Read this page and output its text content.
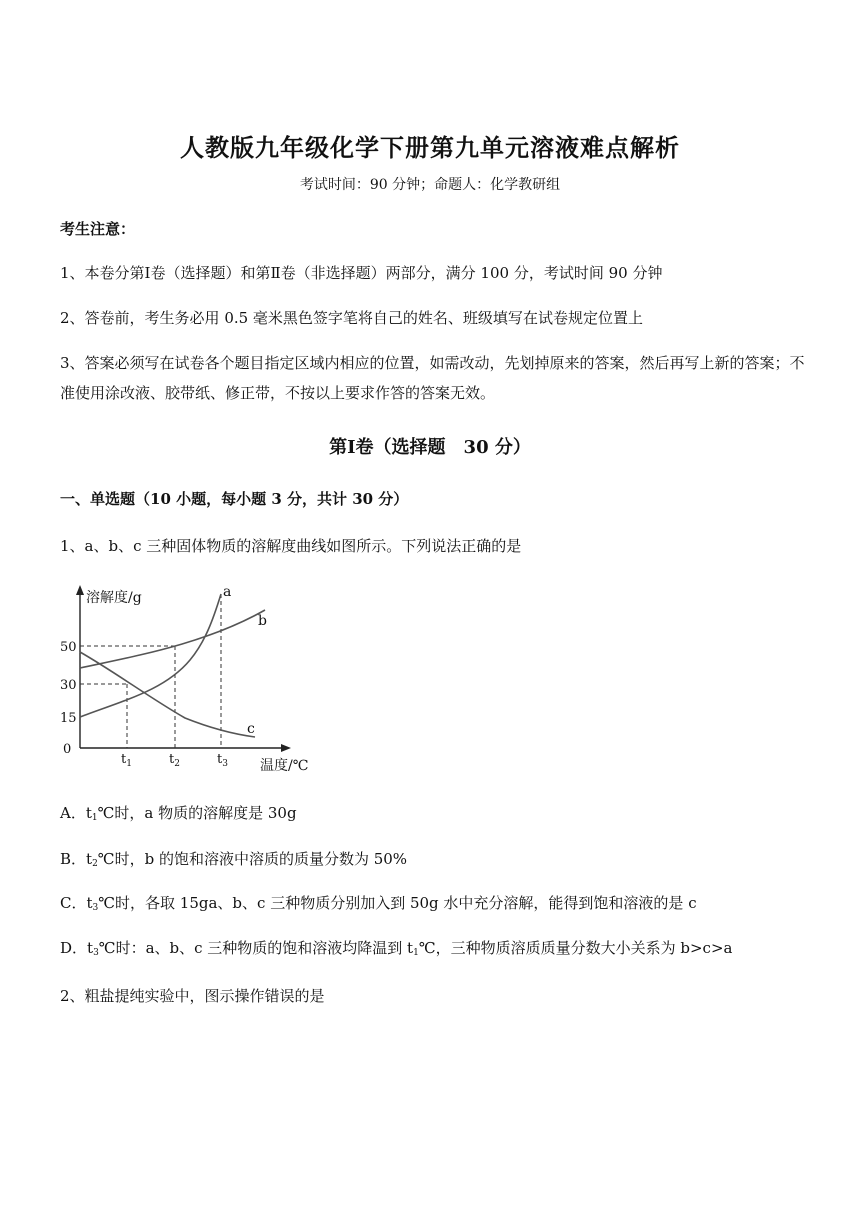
人教版九年级化学下册第九单元溶液难点解析
考试时间：90 分钟；命题人：化学教研组
考生注意：
1、本卷分第Ⅰ卷（选择题）和第Ⅱ卷（非选择题）两部分，满分 100 分，考试时间 90 分钟
2、答卷前，考生务必用 0.5 毫米黑色签字笔将自己的姓名、班级填写在试卷规定位置上
3、答案必须写在试卷各个题目指定区域内相应的位置，如需改动，先划掉原来的答案，然后再写上新的答案；不准使用涂改液、胶带纸、修正带，不按以上要求作答的答案无效。
第Ⅰ卷（选择题　30 分）
一、单选题（10 小题，每小题 3 分，共计 30 分）
1、a、b、c 三种固体物质的溶解度曲线如图所示。下列说法正确的是
溶解度/g
温度/℃
0
15
30
50
$t_1$	$t_2$	$t_3$
a
b
c
A．$t_1℃$时，a 物质的溶解度是 30g
B．$t_2℃$时，b 的饱和溶液中溶质的质量分数为 50%
C．$t_3℃$时，各取 15ga、b、c 三种物质分别加入到 50g 水中充分溶解，能得到饱和溶液的是 c
D．$t_3℃$时：a、b、c 三种物质的饱和溶液均降温到 $t_1℃$，三种物质溶质质量分数大小关系为 b>c>a
2、粗盐提纯实验中，图示操作错误的是
